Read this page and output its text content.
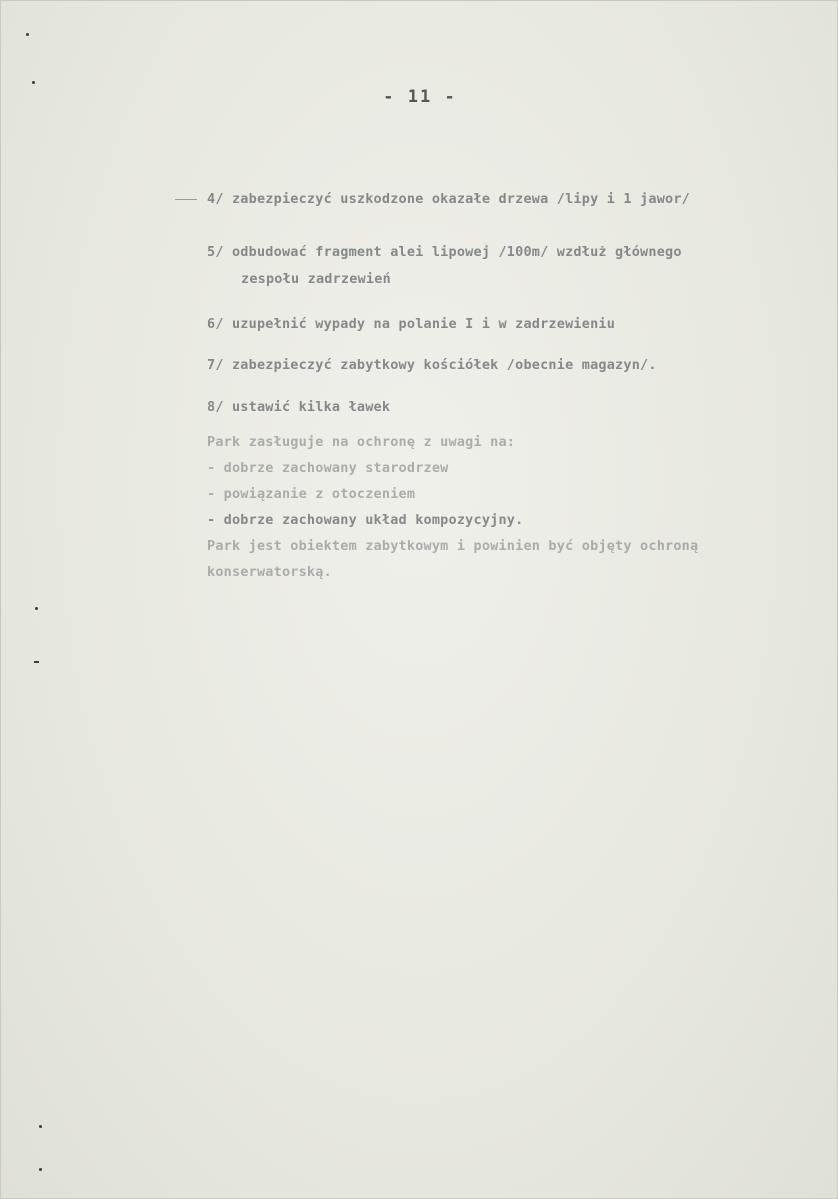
- 11 -
4/ zabezpieczyć uszkodzone okazałe drzewa /lipy i 1 jawor/
5/ odbudować fragment alei lipowej /100m/ wzdłuż głównego
zespołu zadrzewień
6/ uzupełnić wypady na polanie I i w zadrzewieniu
7/ zabezpieczyć zabytkowy kościółek /obecnie magazyn/.
8/ ustawić kilka ławek
Park zasługuje na ochronę z uwagi na:
- dobrze zachowany starodrzew
- powiązanie z otoczeniem
- dobrze zachowany układ kompozycyjny.
Park jest obiektem zabytkowym i powinien być objęty ochroną
konserwatorską.
